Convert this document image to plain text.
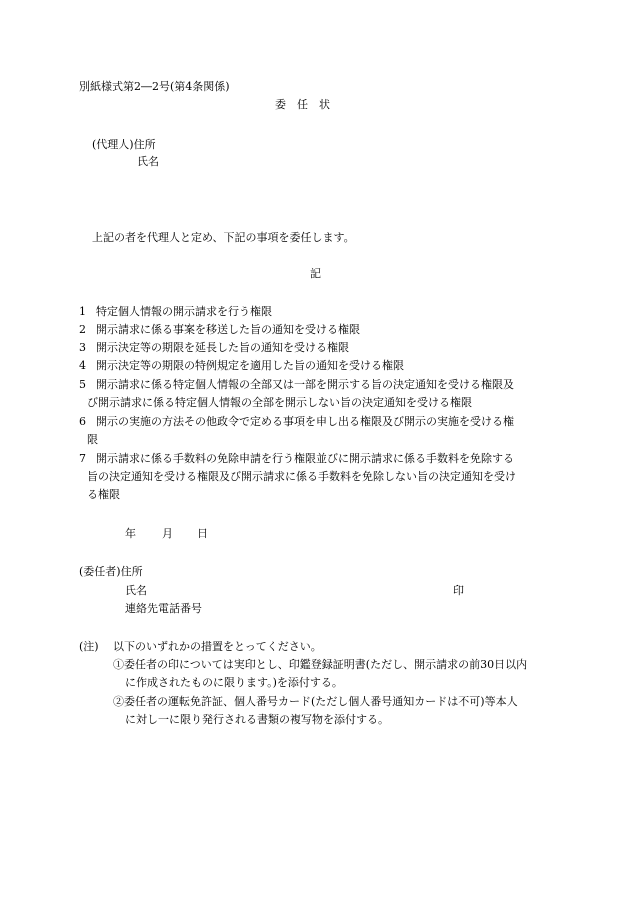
別紙様式第2―2号(第4条関係)
委　任　状
(代理人)住所
氏名
上記の者を代理人と定め、下記の事項を委任します。
記
1 特定個人情報の開示請求を行う権限
2 開示請求に係る事案を移送した旨の通知を受ける権限
3 開示決定等の期限を延長した旨の通知を受ける権限
4 開示決定等の期限の特例規定を適用した旨の通知を受ける権限
5 開示請求に係る特定個人情報の全部又は一部を開示する旨の決定通知を受ける権限及
び開示請求に係る特定個人情報の全部を開示しない旨の決定通知を受ける権限
6 開示の実施の方法その他政令で定める事項を申し出る権限及び開示の実施を受ける権
限
7 開示請求に係る手数料の免除申請を行う権限並びに開示請求に係る手数料を免除する
旨の決定通知を受ける権限及び開示請求に係る手数料を免除しない旨の決定通知を受け
る権限
年 月 日
(委任者)住所
氏名	印
連絡先電話番号
(注) 以下のいずれかの措置をとってください。
①委任者の印については実印とし、印鑑登録証明書(ただし、開示請求の前30日以内
に作成されたものに限ります。)を添付する。
②委任者の運転免許証、個人番号カード(ただし個人番号通知カードは不可)等本人
に対し一に限り発行される書類の複写物を添付する。
